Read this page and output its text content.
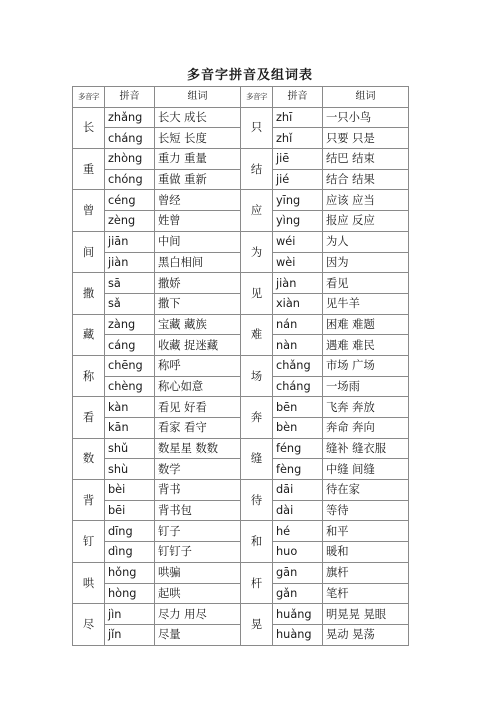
多音字拼音及组词表
多音字	拼音	组词	多音字	拼音	组词
长	zhǎng	长大 成长	只	zhī	一只小鸟
	cháng	长短 长度		zhǐ	只要 只是
重	zhòng	重力 重量	结	jiē	结巴 结束
	chóng	重做 重新		jié	结合 结果
曾	céng	曾经	应	yīng	应该 应当
	zèng	姓曾		yìng	报应 反应
间	jiān	中间	为	wéi	为人
	jiàn	黑白相间		wèi	因为
撒	sā	撒娇	见	jiàn	看见
	sǎ	撒下		xiàn	见牛羊
藏	zàng	宝藏 藏族	难	nán	困难 难题
	cáng	收藏 捉迷藏		nàn	遇难 难民
称	chēng	称呼	场	chǎng	市场 广场
	chèng	称心如意		cháng	一场雨
看	kàn	看见 好看	奔	bēn	飞奔 奔放
	kān	看家 看守		bèn	奔命 奔向
数	shǔ	数星星 数数	缝	féng	缝补 缝衣服
	shù	数学		fèng	中缝 间缝
背	bèi	背书	待	dāi	待在家
	bēi	背书包		dài	等待
钉	dīng	钉子	和	hé	和平
	dìng	钉钉子		huo	暖和
哄	hǒng	哄骗	杆	gān	旗杆
	hòng	起哄		gǎn	笔杆
尽	jìn	尽力 用尽	晃	huǎng	明晃晃 晃眼
	jǐn	尽量		huàng	晃动 晃荡
